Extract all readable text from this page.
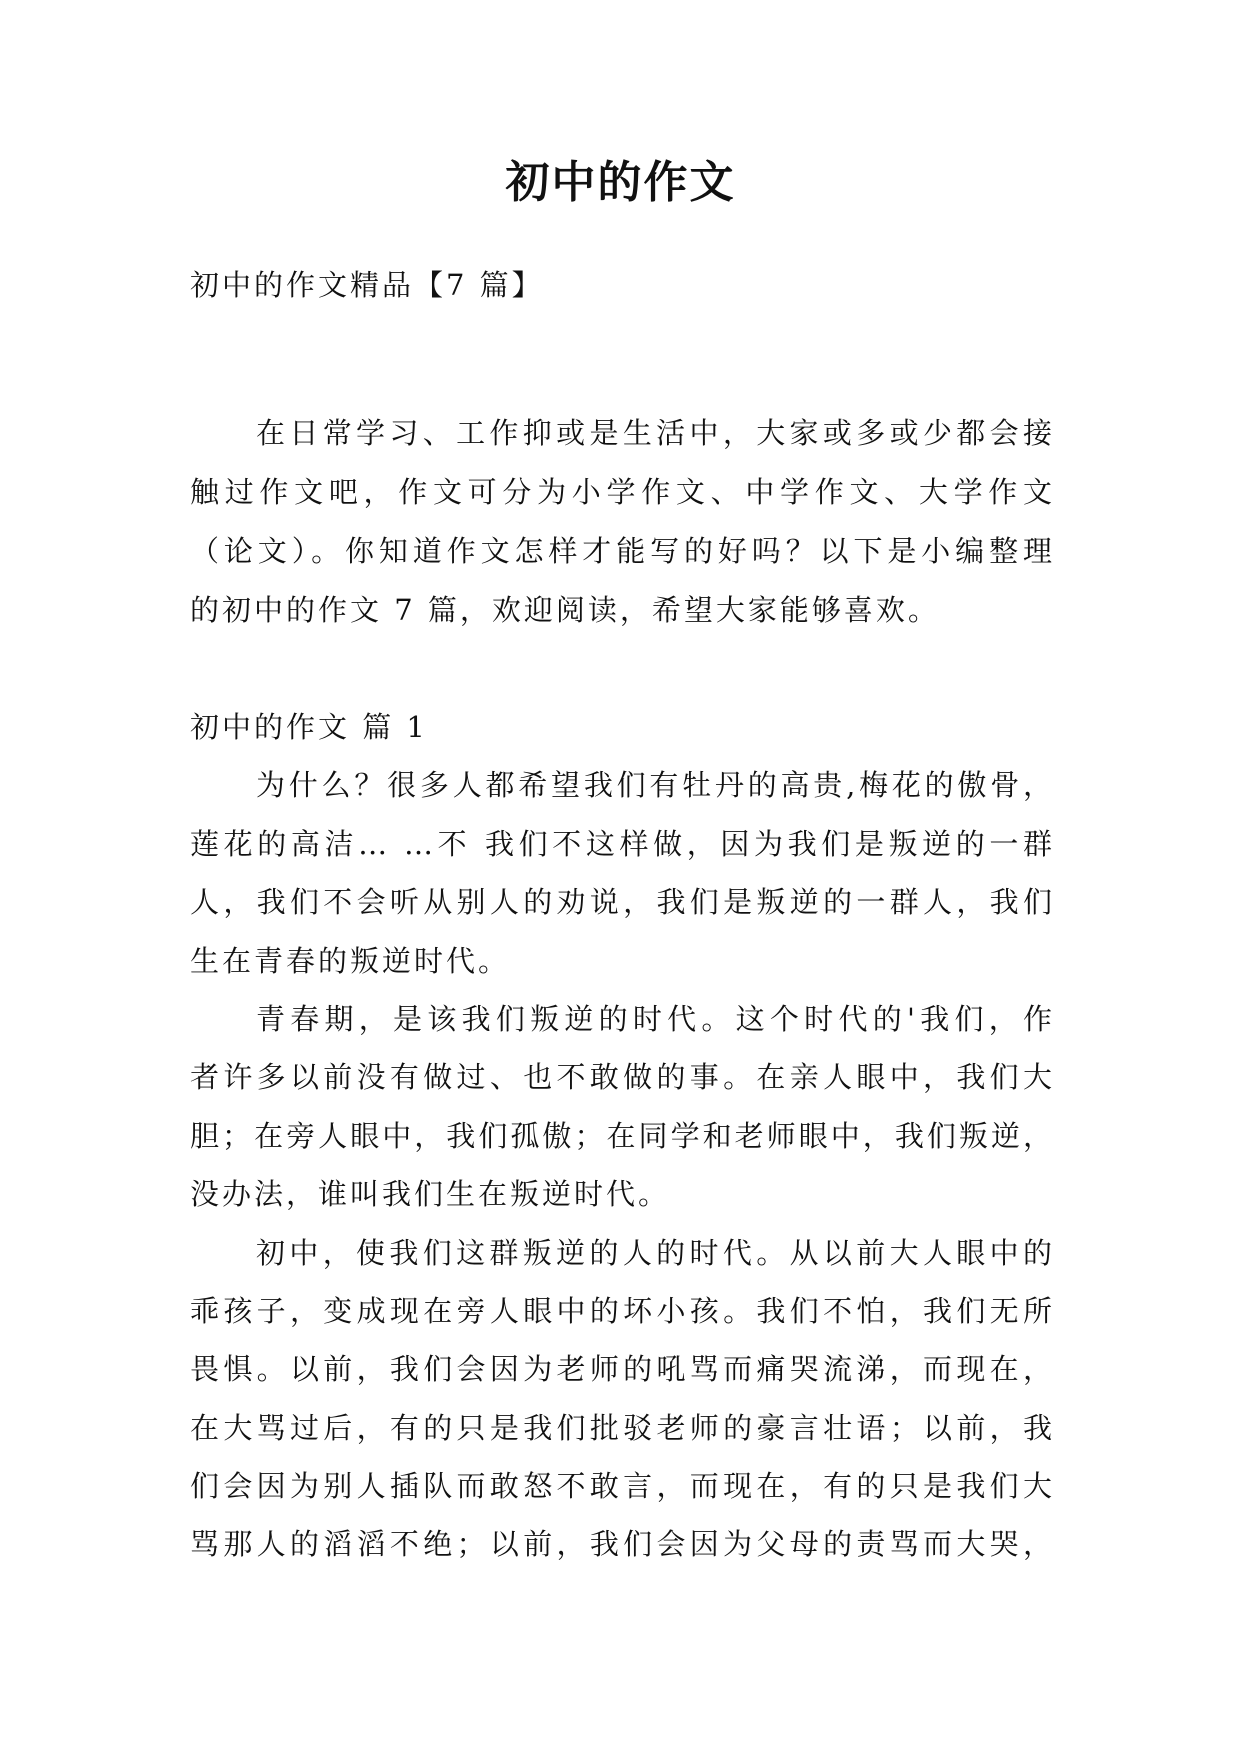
初中的作文
初中的作文精品【7 篇】
在日常学习、工作抑或是生活中，大家或多或少都会接
触过作文吧，作文可分为小学作文、中学作文、大学作文
（论文）。你知道作文怎样才能写的好吗？以下是小编整理
的初中的作文 7 篇，欢迎阅读，希望大家能够喜欢。
初中的作文 篇 1
为什么？很多人都希望我们有牡丹的高贵,梅花的傲骨，
莲花的高洁… …不 我们不这样做，因为我们是叛逆的一群
人，我们不会听从别人的劝说，我们是叛逆的一群人，我们
生在青春的叛逆时代。
青春期，是该我们叛逆的时代。这个时代的'我们，作
者许多以前没有做过、也不敢做的事。在亲人眼中，我们大
胆；在旁人眼中，我们孤傲；在同学和老师眼中，我们叛逆，
没办法，谁叫我们生在叛逆时代。
初中，使我们这群叛逆的人的时代。从以前大人眼中的
乖孩子，变成现在旁人眼中的坏小孩。我们不怕，我们无所
畏惧。以前，我们会因为老师的吼骂而痛哭流涕，而现在，
在大骂过后，有的只是我们批驳老师的豪言壮语；以前，我
们会因为别人插队而敢怒不敢言，而现在，有的只是我们大
骂那人的滔滔不绝；以前，我们会因为父母的责骂而大哭，
